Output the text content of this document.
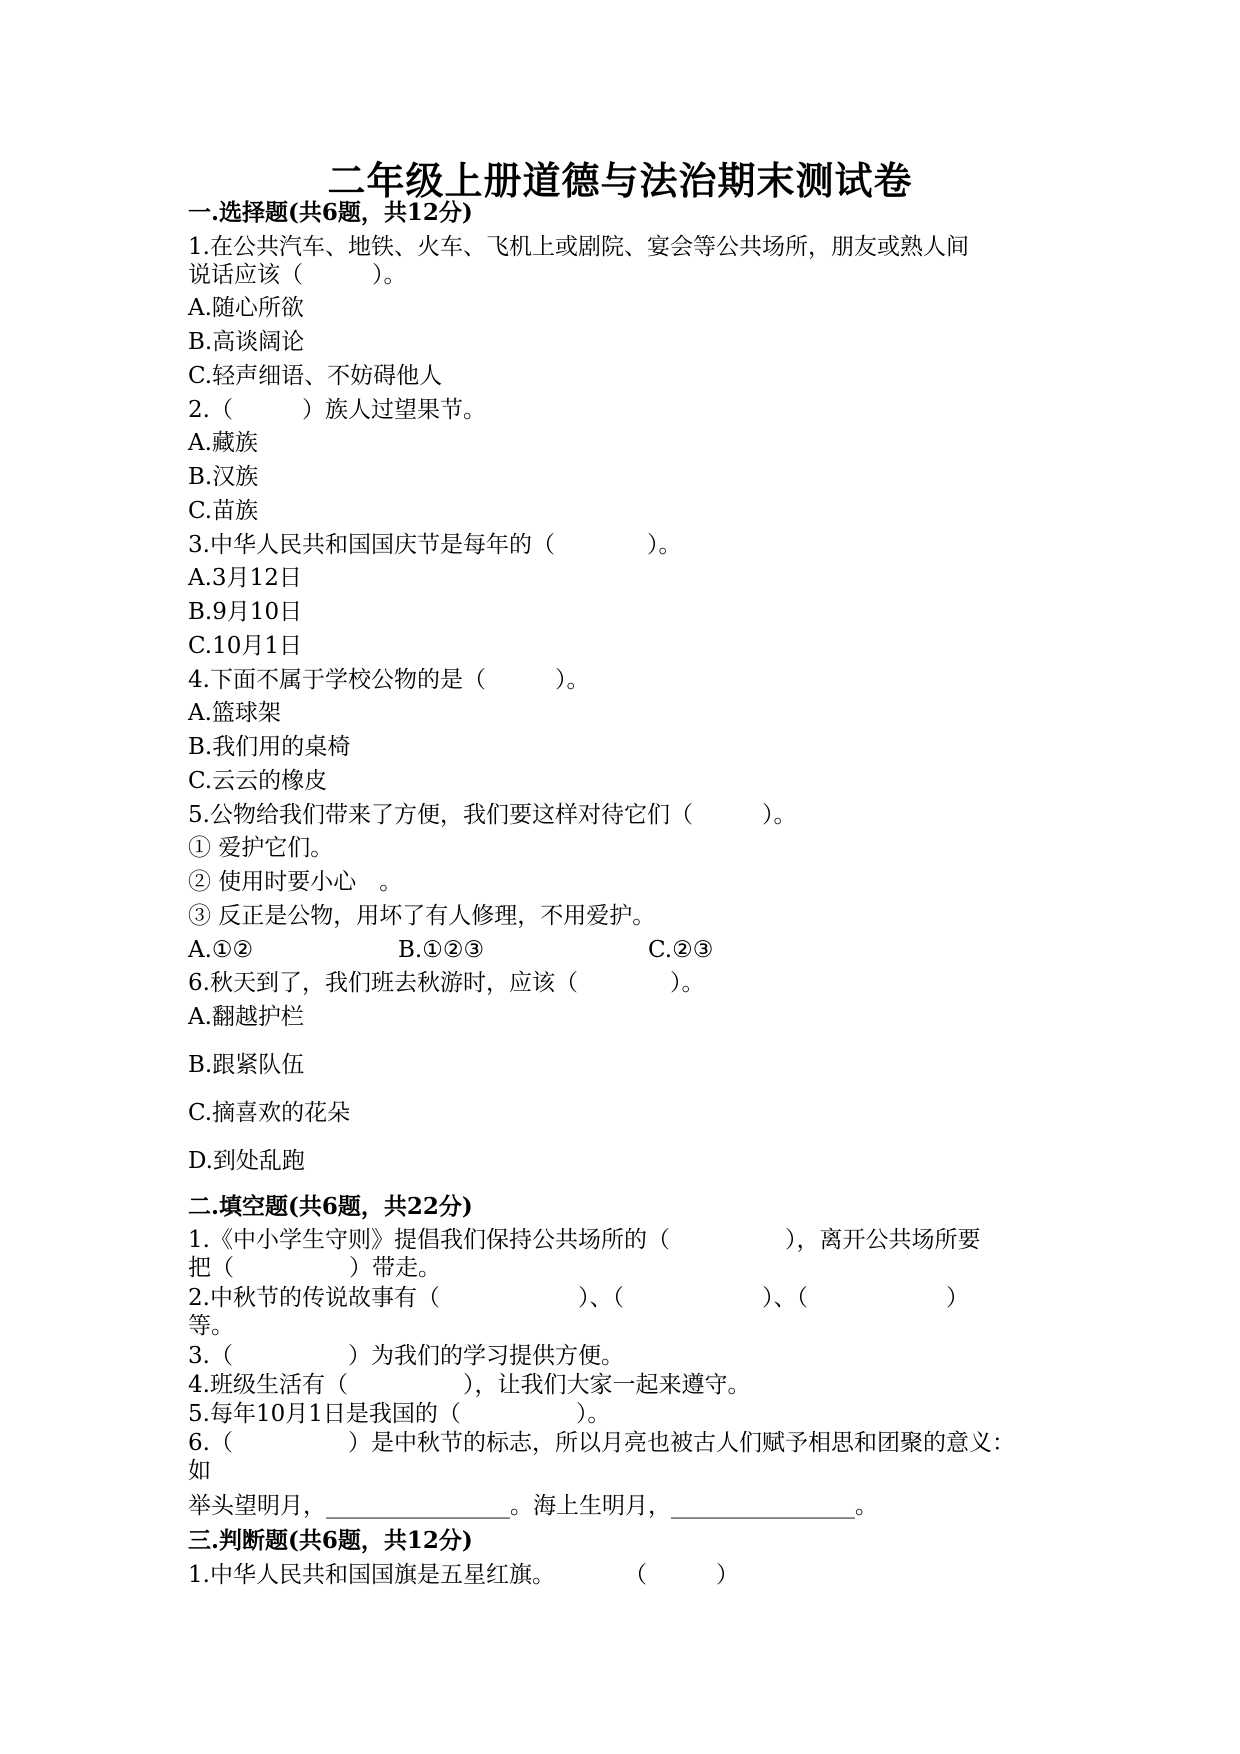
二年级上册道德与法治期末测试卷
一.选择题(共6题，共12分)
1.在公共汽车、地铁、火车、飞机上或剧院、宴会等公共场所，朋友或熟人间
说话应该（　　　）。
A.随心所欲
B.高谈阔论
C.轻声细语、不妨碍他人
2.（　　　）族人过望果节。
A.藏族
B.汉族
C.苗族
3.中华人民共和国国庆节是每年的（　　　　）。
A.3月12日
B.9月10日
C.10月1日
4.下面不属于学校公物的是（　　　）。
A.篮球架
B.我们用的桌椅
C.云云的橡皮
5.公物给我们带来了方便，我们要这样对待它们（　　　）。
① 爱护它们。
② 使用时要小心　。
③ 反正是公物，用坏了有人修理，不用爱护。
A.①②	B.①②③	C.②③
6.秋天到了，我们班去秋游时，应该（　　　　）。
A.翻越护栏
B.跟紧队伍
C.摘喜欢的花朵
D.到处乱跑
二.填空题(共6题，共22分)
1.《中小学生守则》提倡我们保持公共场所的（　　　　　），离开公共场所要
把（　　　　　）带走。
2.中秋节的传说故事有（　　　　　　）、（　　　　　　）、（　　　　　　）
等。
3.（　　　　　）为我们的学习提供方便。
4.班级生活有（　　　　　），让我们大家一起来遵守。
5.每年10月1日是我国的（　　　　　）。
6.（　　　　　）是中秋节的标志，所以月亮也被古人们赋予相思和团聚的意义：
如
举头望明月，________________。海上生明月，________________。
三.判断题(共6题，共12分)
1.中华人民共和国国旗是五星红旗。　　　　（　　　）
